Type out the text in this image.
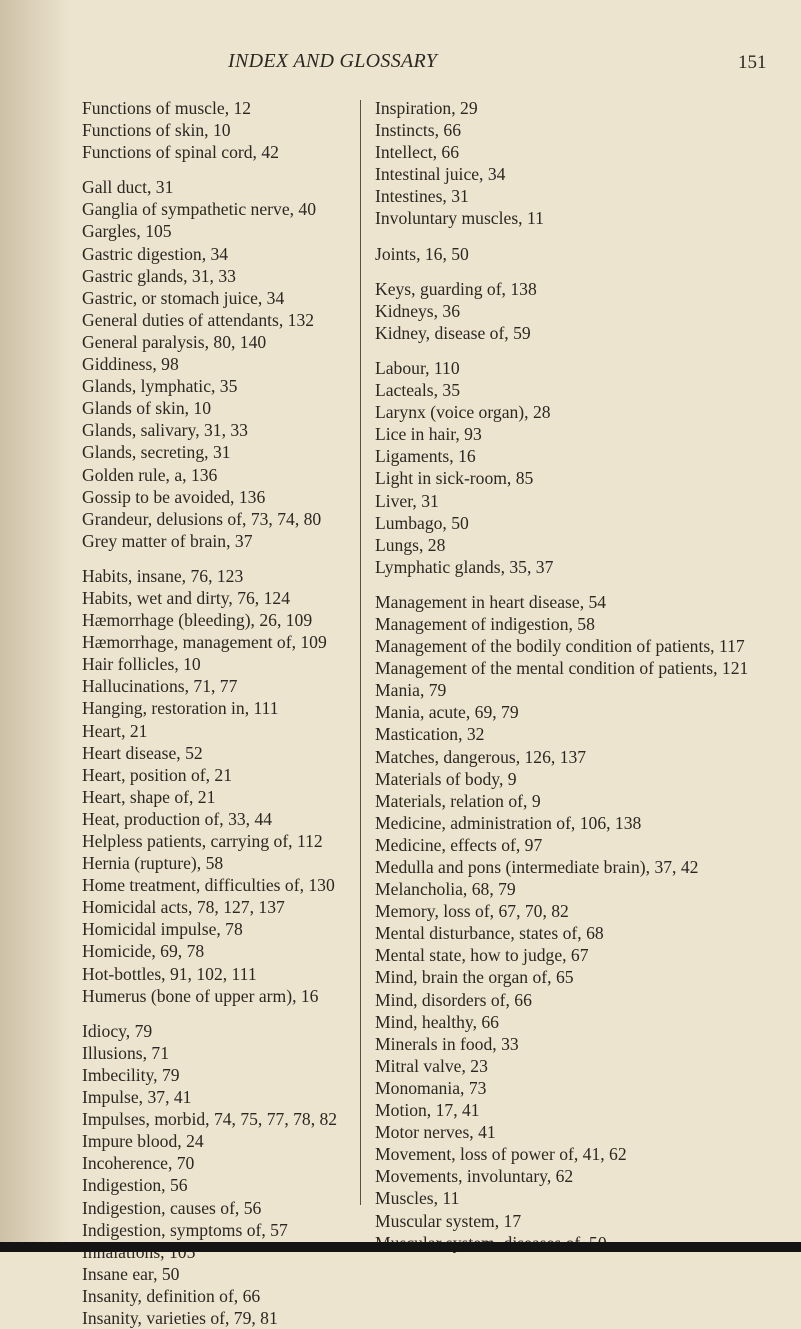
INDEX AND GLOSSARY	151
Functions of muscle, 12
Functions of skin, 10
Functions of spinal cord, 42
Gall duct, 31
Ganglia of sympathetic nerve, 40
Gargles, 105
Gastric digestion, 34
Gastric glands, 31, 33
Gastric, or stomach juice, 34
General duties of attendants, 132
General paralysis, 80, 140
Giddiness, 98
Glands, lymphatic, 35
Glands of skin, 10
Glands, salivary, 31, 33
Glands, secreting, 31
Golden rule, a, 136
Gossip to be avoided, 136
Grandeur, delusions of, 73, 74, 80
Grey matter of brain, 37
Habits, insane, 76, 123
Habits, wet and dirty, 76, 124
Hæmorrhage (bleeding), 26, 109
Hæmorrhage, management of, 109
Hair follicles, 10
Hallucinations, 71, 77
Hanging, restoration in, 111
Heart, 21
Heart disease, 52
Heart, position of, 21
Heart, shape of, 21
Heat, production of, 33, 44
Helpless patients, carrying of, 112
Hernia (rupture), 58
Home treatment, difficulties of, 130
Homicidal acts, 78, 127, 137
Homicidal impulse, 78
Homicide, 69, 78
Hot-bottles, 91, 102, 111
Humerus (bone of upper arm), 16
Idiocy, 79
Illusions, 71
Imbecility, 79
Impulse, 37, 41
Impulses, morbid, 74, 75, 77, 78, 82
Impure blood, 24
Incoherence, 70
Indigestion, 56
Indigestion, causes of, 56
Indigestion, symptoms of, 57
Insane ear, 50
Insanity, definition of, 66
Insanity, varieties of, 79, 81
Inspiration, 29
Instincts, 66
Intellect, 66
Intestinal juice, 34
Intestines, 31
Involuntary muscles, 11
Joints, 16, 50
Keys, guarding of, 138
Kidneys, 36
Kidney, disease of, 59
Labour, 110
Lacteals, 35
Larynx (voice organ), 28
Lice in hair, 93
Ligaments, 16
Light in sick-room, 85
Liver, 31
Lumbago, 50
Lungs, 28
Lymphatic glands, 35, 37
Management in heart disease, 54
Management of indigestion, 58
Management of the bodily condition of patients, 117
Management of the mental condition of patients, 121
Mania, 79
Mania, acute, 69, 79
Mastication, 32
Matches, dangerous, 126, 137
Materials of body, 9
Materials, relation of, 9
Medicine, administration of, 106, 138
Medicine, effects of, 97
Medulla and pons (intermediate brain), 37, 42
Melancholia, 68, 79
Memory, loss of, 67, 70, 82
Mental disturbance, states of, 68
Mental state, how to judge, 67
Mind, brain the organ of, 65
Mind, disorders of, 66
Mind, healthy, 66
Minerals in food, 33
Mitral valve, 23
Monomania, 73
Motion, 17, 41
Motor nerves, 41
Movement, loss of power of, 41, 62
Movements, involuntary, 62
Muscles, 11
Muscular system, 17
